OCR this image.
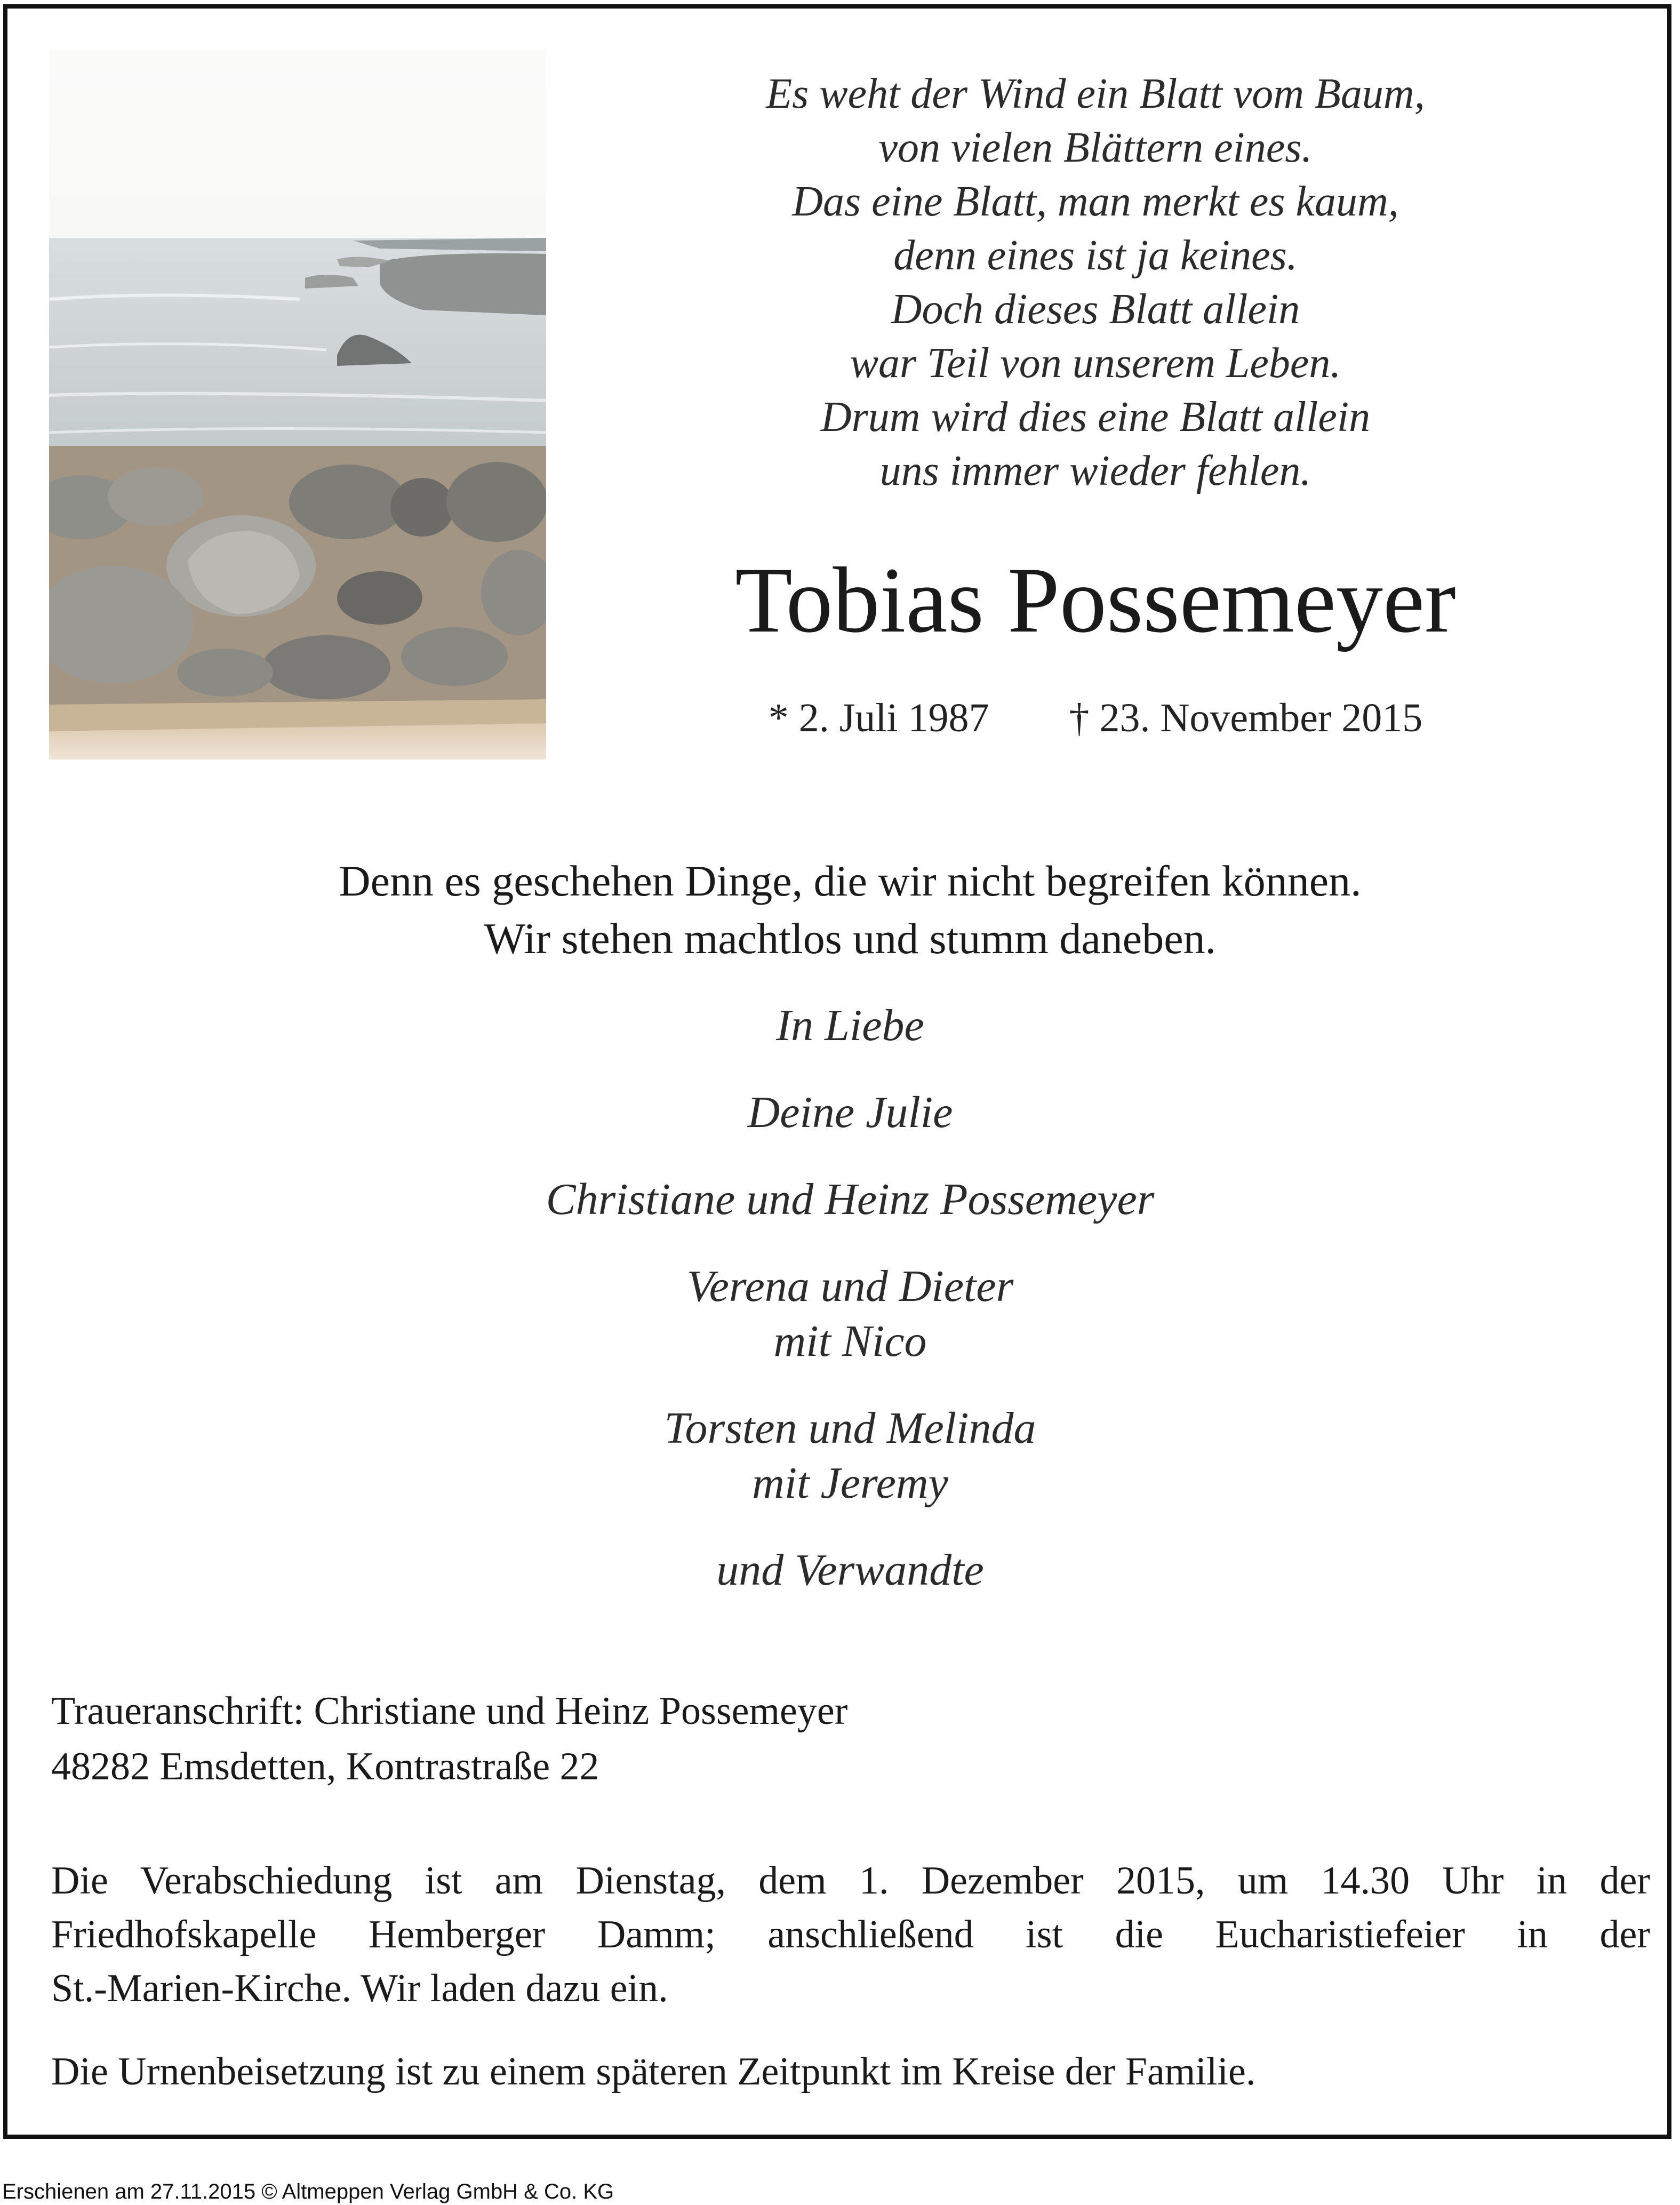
Es weht der Wind ein Blatt vom Baum,
von vielen Blättern eines.
Das eine Blatt, man merkt es kaum,
denn eines ist ja keines.
Doch dieses Blatt allein
war Teil von unserem Leben.
Drum wird dies eine Blatt allein
uns immer wieder fehlen.
Tobias Possemeyer
* 2. Juli 1987 † 23. November 2015
Denn es geschehen Dinge, die wir nicht begreifen können.
Wir stehen machtlos und stumm daneben.
In Liebe
Deine Julie
Christiane und Heinz Possemeyer
Verena und Dieter
mit Nico
Torsten und Melinda
mit Jeremy
und Verwandte
Traueranschrift: Christiane und Heinz Possemeyer
48282 Emsdetten, Kontrastraße 22
Die Verabschiedung ist am Dienstag, dem 1. Dezember 2015, um 14.30 Uhr in der
Friedhofskapelle Hemberger Damm; anschließend ist die Eucharistiefeier in der
St.-Marien-Kirche. Wir laden dazu ein.
Die Urnenbeisetzung ist zu einem späteren Zeitpunkt im Kreise der Familie.
Erschienen am 27.11.2015 © Altmeppen Verlag GmbH & Co. KG
